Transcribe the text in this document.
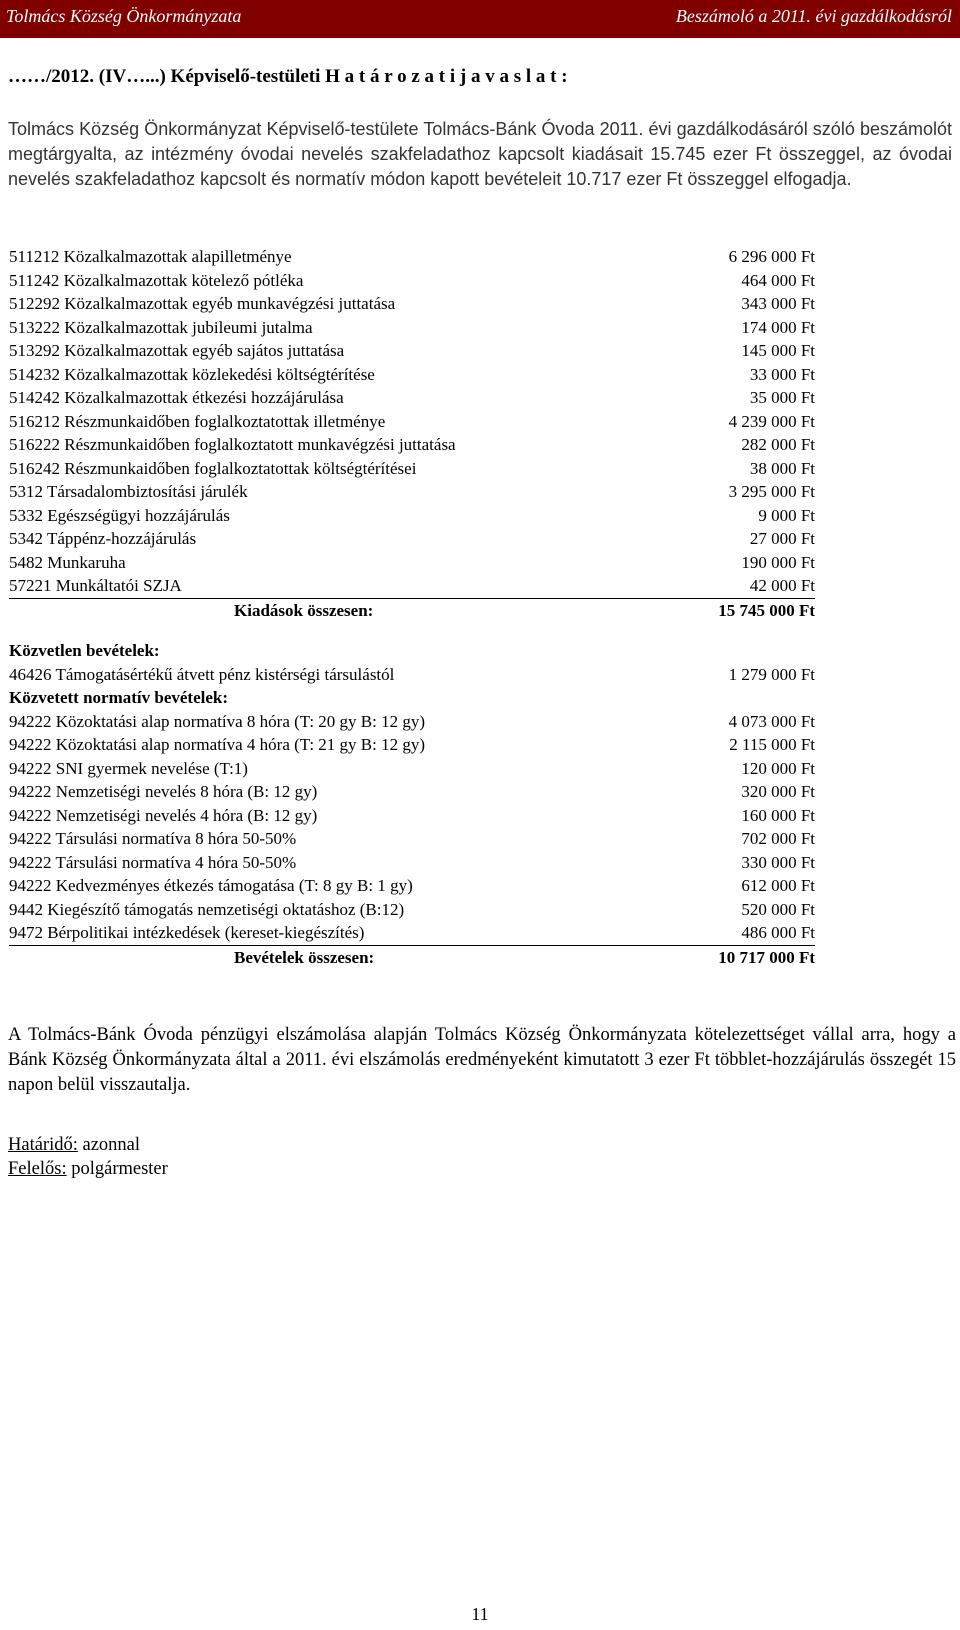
Tolmács Község Önkormányzata	Beszámoló a 2011. évi gazdálkodásról
……/2012. (IV…...) Képviselő-testületi H a t á r o z a t i j a v a s l a t :
Tolmács Község Önkormányzat Képviselő-testülete Tolmács-Bánk Óvoda 2011. évi gazdálkodásáról szóló beszámolót megtárgyalta, az intézmény óvodai nevelés szakfeladathoz kapcsolt kiadásait 15.745 ezer Ft összeggel, az óvodai nevelés szakfeladathoz kapcsolt és normatív módon kapott bevételeit 10.717 ezer Ft összeggel elfogadja.
511212 Közalkalmazottak alapilletménye	6 296 000 Ft
511242 Közalkalmazottak kötelező pótléka	464 000 Ft
512292 Közalkalmazottak egyéb munkavégzési juttatása	343 000 Ft
513222 Közalkalmazottak jubileumi jutalma	174 000 Ft
513292 Közalkalmazottak egyéb sajátos juttatása	145 000 Ft
514232 Közalkalmazottak közlekedési költségtérítése	33 000 Ft
514242 Közalkalmazottak étkezési hozzájárulása	35 000 Ft
516212 Részmunkaidőben foglalkoztatottak illetménye	4 239 000 Ft
516222 Részmunkaidőben foglalkoztatott munkavégzési juttatása	282 000 Ft
516242 Részmunkaidőben foglalkoztatottak költségtérítései	38 000 Ft
5312 Társadalombiztosítási járulék	3 295 000 Ft
5332 Egészségügyi hozzájárulás	9 000 Ft
5342 Táppénz-hozzájárulás	27 000 Ft
5482 Munkaruha	190 000 Ft
57221 Munkáltatói SZJA	42 000 Ft
Kiadások összesen:	15 745 000 Ft
Közvetlen bevételek:
46426 Támogatásértékű átvett pénz kistérségi társulástól	1 279 000 Ft
Közvetett normatív bevételek:
94222 Közoktatási alap normatíva 8 hóra (T: 20 gy B: 12 gy)	4 073 000 Ft
94222 Közoktatási alap normatíva 4 hóra (T: 21 gy B: 12 gy)	2 115 000 Ft
94222 SNI gyermek nevelése (T:1)	120 000 Ft
94222 Nemzetiségi nevelés 8 hóra (B: 12 gy)	320 000 Ft
94222 Nemzetiségi nevelés 4 hóra (B: 12 gy)	160 000 Ft
94222 Társulási normatíva 8 hóra 50-50%	702 000 Ft
94222 Társulási normatíva 4 hóra 50-50%	330 000 Ft
94222 Kedvezményes étkezés támogatása (T: 8 gy B: 1 gy)	612 000 Ft
9442 Kiegészítő támogatás nemzetiségi oktatáshoz (B:12)	520 000 Ft
9472 Bérpolitikai intézkedések (kereset-kiegészítés)	486 000 Ft
Bevételek összesen:	10 717 000 Ft
A Tolmács-Bánk Óvoda pénzügyi elszámolása alapján Tolmács Község Önkormányzata kötelezettséget vállal arra, hogy a Bánk Község Önkormányzata által a 2011. évi elszámolás eredményeként kimutatott 3 ezer Ft többlet-hozzájárulás összegét 15 napon belül visszautalja.
Határidő: azonnal
Felelős: polgármester
11
